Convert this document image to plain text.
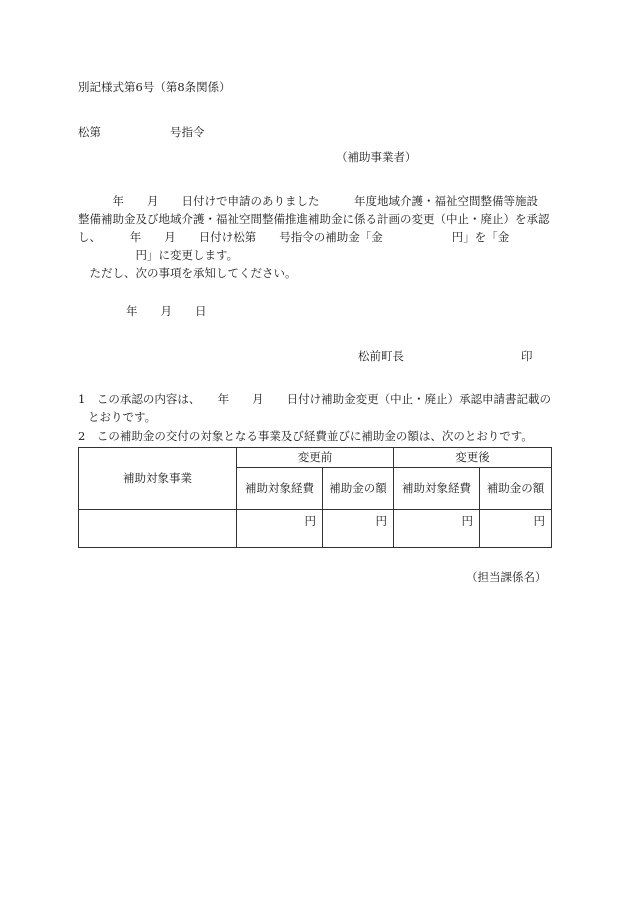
別記様式第6号（第8条関係）
松第　　　　　　号指令
（補助事業者）
　　　年　　月　　日付けで申請のありました　　　年度地域介護・福祉空間整備等施設
整備補助金及び地域介護・福祉空間整備推進補助金に係る計画の変更（中止・廃止）を承認
し、　　　年　　月　　日付け松第　　号指令の補助金「金　　　　　　円」を「金
　　　　　円」に変更します。
　ただし、次の事項を承知してください。
年　　月　　日
松前町長	印
1　この承認の内容は、　　年　　月　　日付け補助金変更（中止・廃止）承認申請書記載の
とおりです。
2　この補助金の交付の対象となる事業及び経費並びに補助金の額は、次のとおりです。
補助対象事業	変更前		変更後	
	補助対象経費	補助金の額	補助対象経費	補助金の額
	円	円	円	円
（担当課係名）
